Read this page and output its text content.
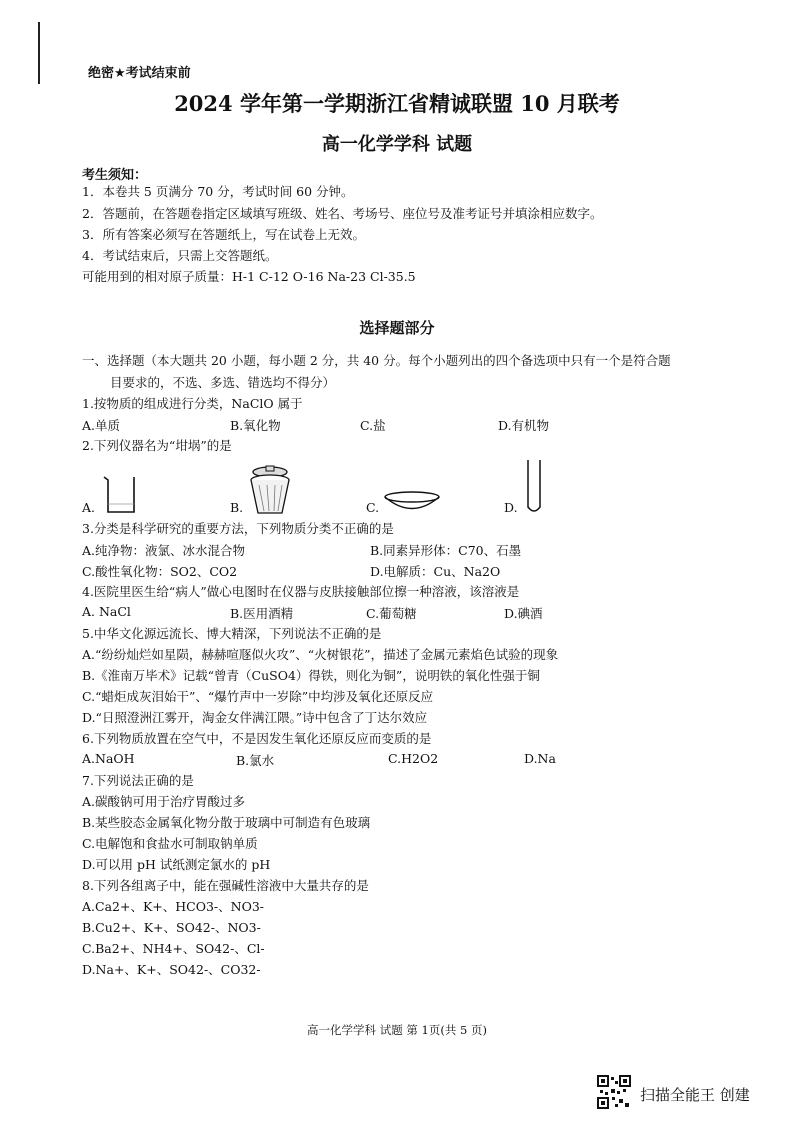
绝密★考试结束前
2024 学年第一学期浙江省精诚联盟 10 月联考
高一化学学科 试题
考生须知：
1．本卷共 5 页满分 70 分，考试时间 60 分钟。
2．答题前，在答题卷指定区域填写班级、姓名、考场号、座位号及准考证号并填涂相应数字。
3．所有答案必须写在答题纸上，写在试卷上无效。
4．考试结束后，只需上交答题纸。
可能用到的相对原子质量：H-1 C-12 O-16 Na-23 Cl-35.5
选择题部分
一、选择题（本大题共 20 小题，每小题 2 分，共 40 分。每个小题列出的四个备选项中只有一个是符合题
目要求的，不选、多选、错选均不得分）
1.按物质的组成进行分类，NaClO 属于
A.单质	B.氧化物	C.盐	D.有机物
2.下列仪器名为“坩埚”的是
A.	B.	C.	D.
3.分类是科学研究的重要方法，下列物质分类不正确的是
A.纯净物：液氯、冰水混合物	B.同素异形体：C70、石墨
C.酸性氧化物：SO2、CO2	D.电解质：Cu、Na2O
4.医院里医生给“病人”做心电图时在仪器与皮肤接触部位擦一种溶液，该溶液是
A. NaCl	B.医用酒精	C.葡萄糖	D.碘酒
5.中华文化源远流长、博大精深，下列说法不正确的是
A.“纷纷灿烂如星陨，赫赫喧豗似火攻”、“火树银花”，描述了金属元素焰色试验的现象
B.《淮南万毕术》记载“曾青（CuSO4）得铁，则化为铜”，说明铁的氧化性强于铜
C.“蜡炬成灰泪始干”、“爆竹声中一岁除”中均涉及氧化还原反应
D.“日照澄洲江雾开，淘金女伴满江隈。”诗中包含了丁达尔效应
6.下列物质放置在空气中，不是因发生氧化还原反应而变质的是
A.NaOH	B.氯水	C.H2O2	D.Na
7.下列说法正确的是
A.碳酸钠可用于治疗胃酸过多
B.某些胶态金属氧化物分散于玻璃中可制造有色玻璃
C.电解饱和食盐水可制取钠单质
D.可以用 pH 试纸测定氯水的 pH
8.下列各组离子中，能在强碱性溶液中大量共存的是
A.Ca2+、K+、HCO3-、NO3-
B.Cu2+、K+、SO42-、NO3-
C.Ba2+、NH4+、SO42-、Cl-
D.Na+、K+、SO42-、CO32-
高一化学学科 试题 第 1页(共 5 页)
扫描全能王 创建
